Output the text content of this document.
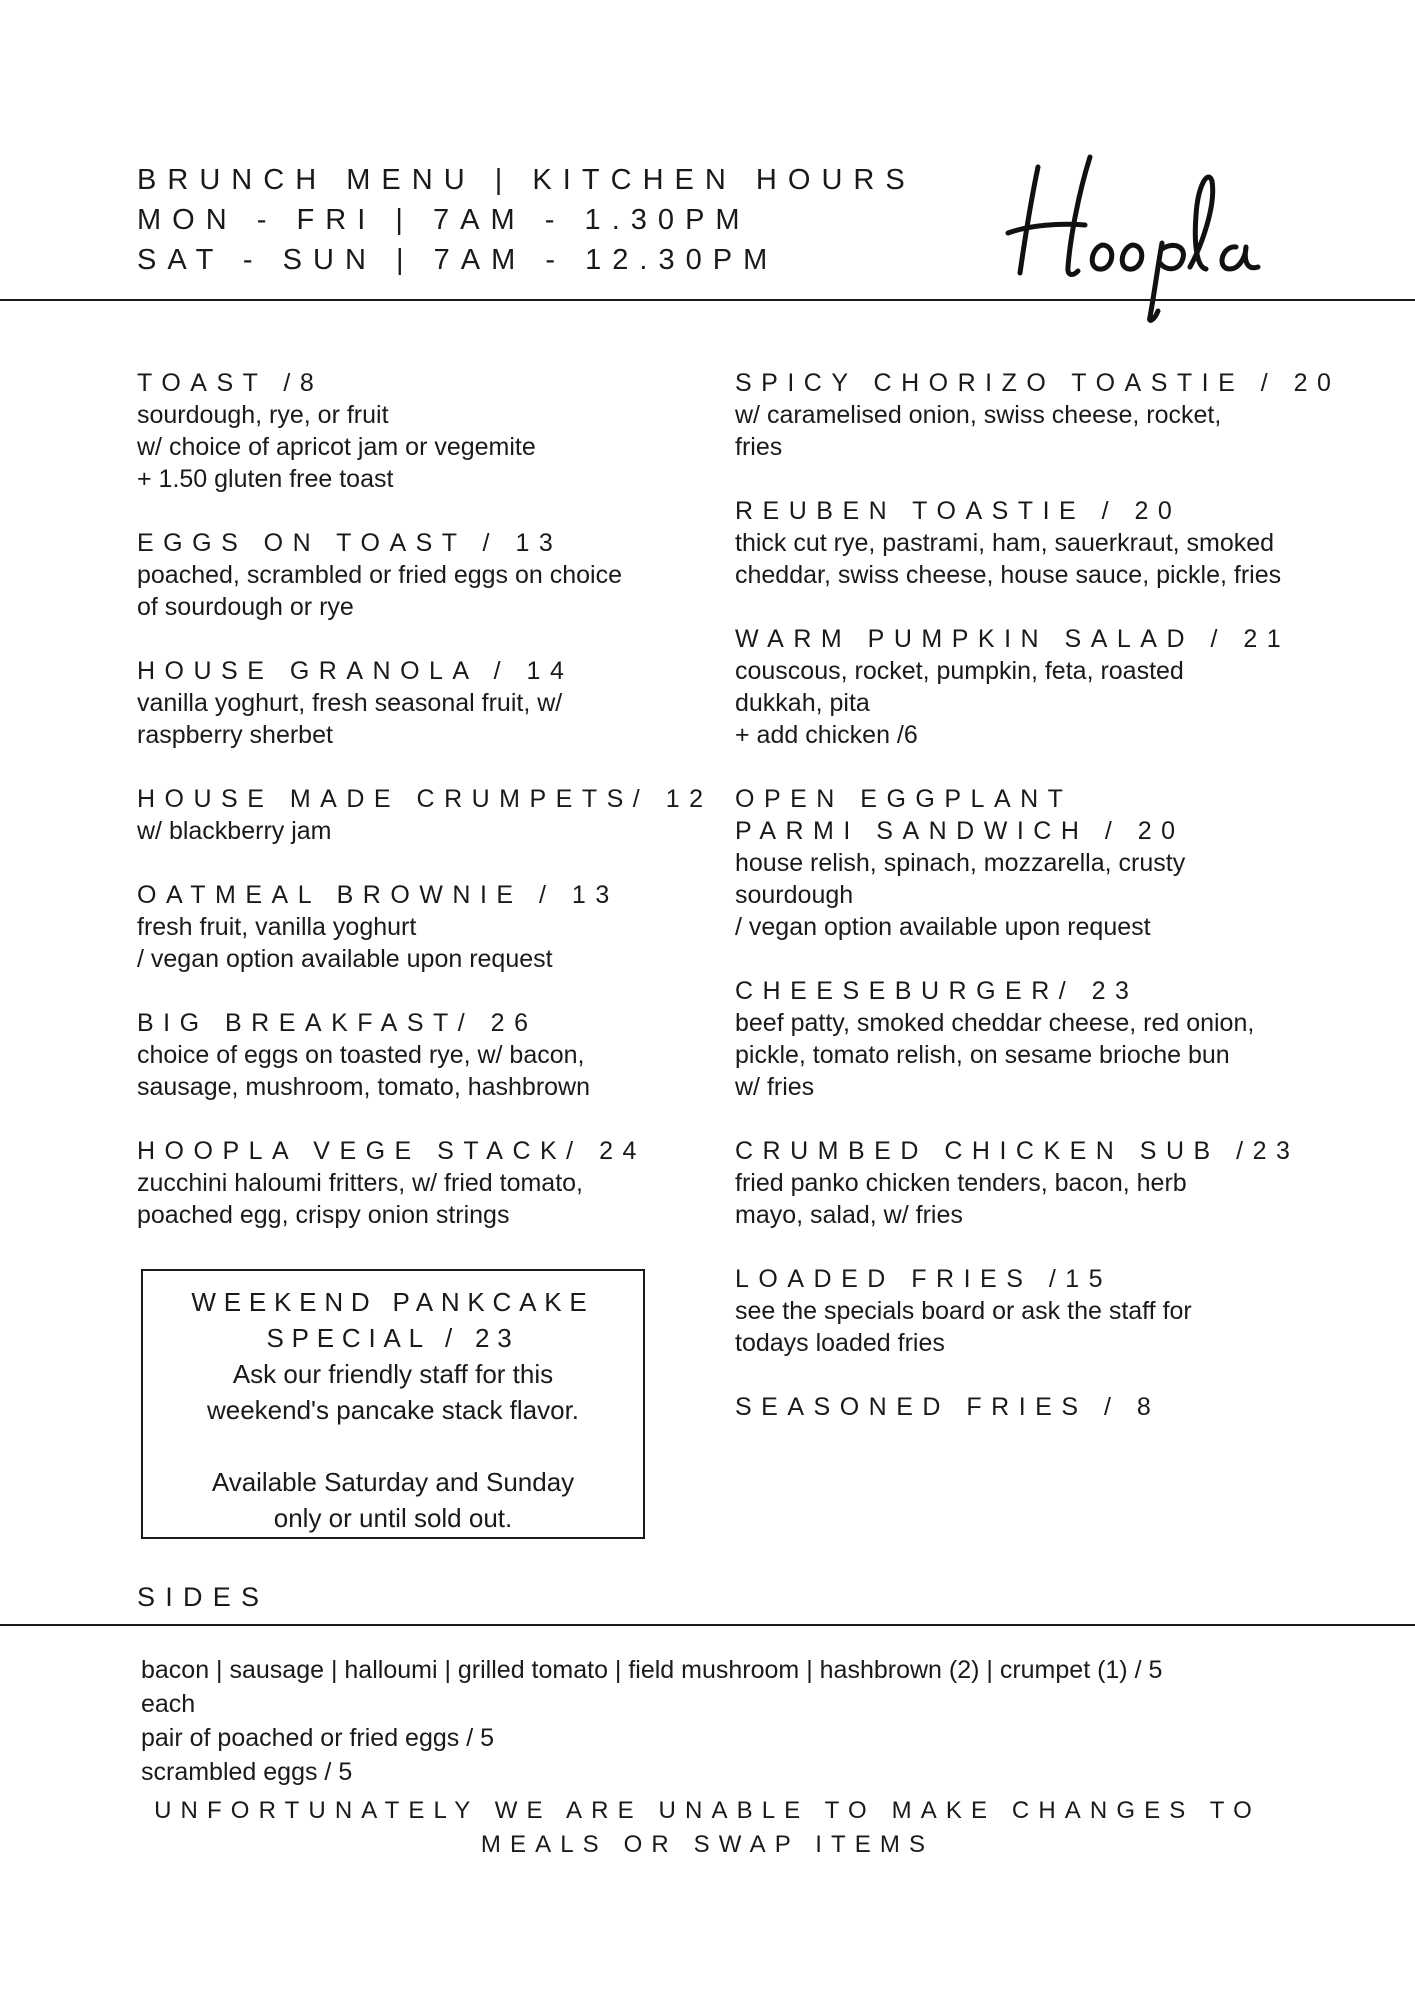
BRUNCH MENU | KITCHEN HOURS
MON - FRI | 7AM - 1.30PM
SAT - SUN | 7AM - 12.30PM
TOAST /8
sourdough, rye, or fruit
w/ choice of apricot jam or vegemite
+ 1.50 gluten free toast
EGGS ON TOAST / 13
poached, scrambled or fried eggs on choice
of sourdough or rye
HOUSE GRANOLA / 14
vanilla yoghurt, fresh seasonal fruit, w/
raspberry sherbet
HOUSE MADE CRUMPETS/ 12
w/ blackberry jam
OATMEAL BROWNIE / 13
fresh fruit, vanilla yoghurt
/ vegan option available upon request
BIG BREAKFAST/ 26
choice of eggs on toasted rye, w/ bacon,
sausage, mushroom, tomato, hashbrown
HOOPLA VEGE STACK/ 24
zucchini haloumi fritters, w/ fried tomato,
poached egg, crispy onion strings
WEEKEND PANKCAKE
SPECIAL / 23
Ask our friendly staff for this
weekend's pancake stack flavor.
Available Saturday and Sunday
only or until sold out.
SPICY CHORIZO TOASTIE / 20
w/ caramelised onion, swiss cheese, rocket,
fries
REUBEN TOASTIE / 20
thick cut rye, pastrami, ham, sauerkraut, smoked
cheddar, swiss cheese, house sauce, pickle, fries
WARM PUMPKIN SALAD / 21
couscous, rocket, pumpkin, feta, roasted
dukkah, pita
+ add chicken /6
OPEN EGGPLANT PARMI SANDWICH / 20
house relish, spinach, mozzarella, crusty
sourdough
/ vegan option available upon request
CHEESEBURGER/ 23
beef patty, smoked cheddar cheese, red onion,
pickle, tomato relish, on sesame brioche bun
w/ fries
CRUMBED CHICKEN SUB /23
fried panko chicken tenders, bacon, herb
mayo, salad, w/ fries
LOADED FRIES /15
see the specials board or ask the staff for
todays loaded fries
SEASONED FRIES / 8
SIDES
bacon | sausage | halloumi | grilled tomato | field mushroom | hashbrown (2) | crumpet (1) / 5
each
pair of poached or fried eggs / 5
scrambled eggs / 5
UNFORTUNATELY WE ARE UNABLE TO MAKE CHANGES TO
MEALS OR SWAP ITEMS
